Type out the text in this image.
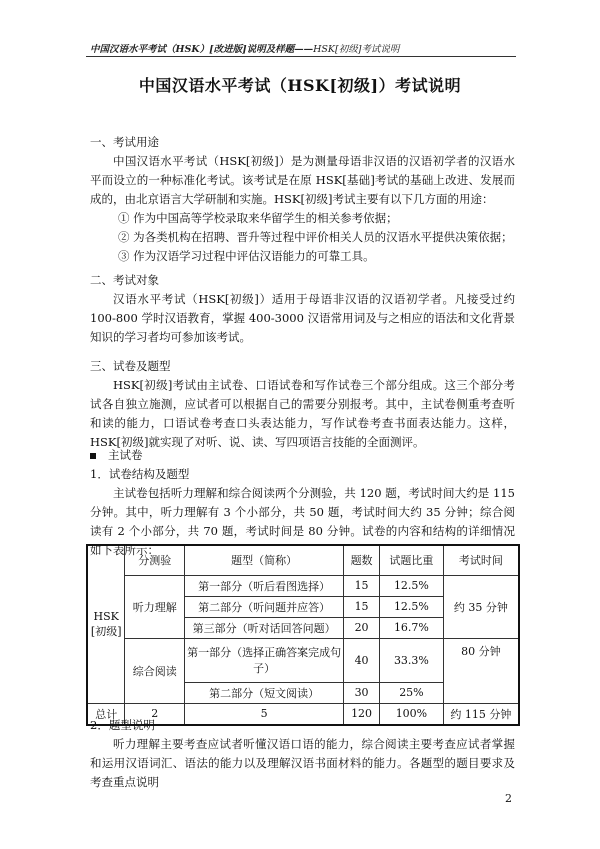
中国汉语水平考试（HSK）[改进版]说明及样题——HSK[初级]考试说明
中国汉语水平考试（HSK[初级]）考试说明
一、考试用途
中国汉语水平考试（HSK[初级]）是为测量母语非汉语的汉语初学者的汉语水平而设立的一种标准化考试。该考试是在原 HSK[基础]考试的基础上改进、发展而成的，由北京语言大学研制和实施。HSK[初级]考试主要有以下几方面的用途：
① 作为中国高等学校录取来华留学生的相关参考依据；
② 为各类机构在招聘、晋升等过程中评价相关人员的汉语水平提供决策依据；
③ 作为汉语学习过程中评估汉语能力的可靠工具。
二、考试对象
汉语水平考试（HSK[初级]）适用于母语非汉语的汉语初学者。凡接受过约 100-800 学时汉语教育，掌握 400-3000 汉语常用词及与之相应的语法和文化背景知识的学习者均可参加该考试。
三、试卷及题型
HSK[初级]考试由主试卷、口语试卷和写作试卷三个部分组成。这三个部分考试各自独立施测，应试者可以根据自己的需要分别报考。其中，主试卷侧重考查听和读的能力，口语试卷考查口头表达能力，写作试卷考查书面表达能力。这样，HSK[初级]就实现了对听、说、读、写四项语言技能的全面测评。
主试卷
1．试卷结构及题型
主试卷包括听力理解和综合阅读两个分测验，共 120 题，考试时间大约是 115 分钟。其中，听力理解有 3 个小部分，共 50 题，考试时间大约 35 分钟；综合阅读有 2 个小部分，共 70 题，考试时间是 80 分钟。试卷的内容和结构的详细情况如下表所示：
HSK
[初级]	分测验	题型（简称）	题数	试题比重	考试时间
	听力理解	第一部分（听后看图选择）	15	12.5%	约 35 分钟
		第二部分（听问题并应答）	15	12.5%	
		第三部分（听对话回答问题）	20	16.7%	
	综合阅读	第一部分（选择正确答案完成句子）	40	33.3%	80 分钟
		第二部分（短文阅读）	30	25%	
总计	2	5	120	100%	约 115 分钟
2．题型说明
听力理解主要考查应试者听懂汉语口语的能力，综合阅读主要考查应试者掌握和运用汉语词汇、语法的能力以及理解汉语书面材料的能力。各题型的题目要求及考查重点说明
2
